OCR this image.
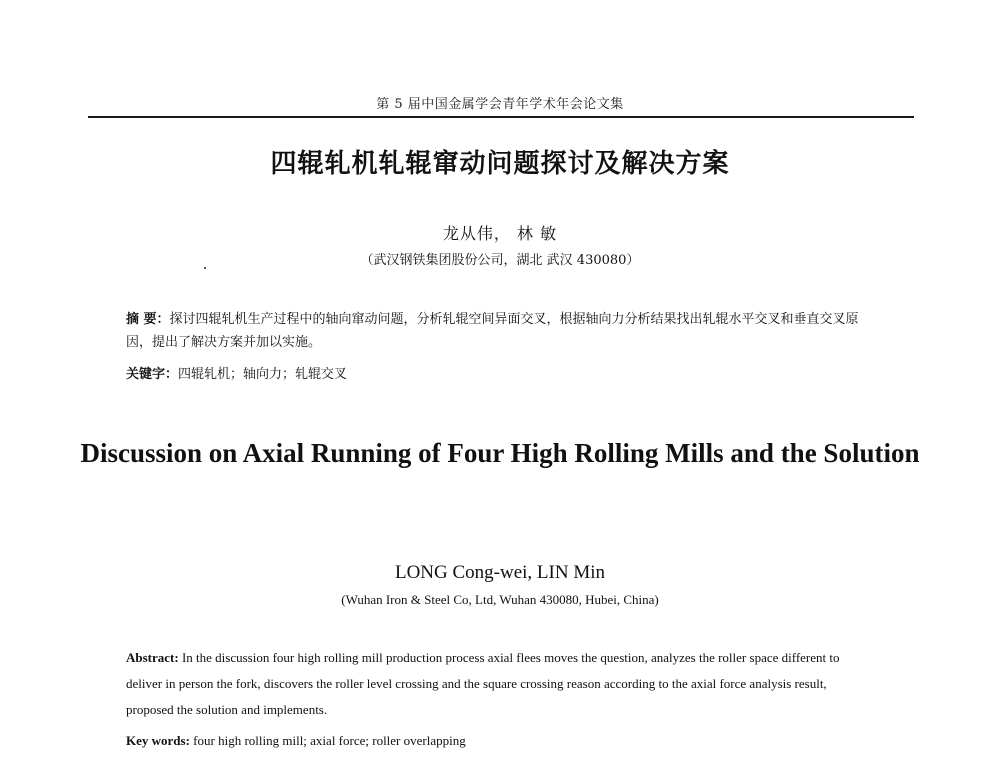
第 5 届中国金属学会青年学术年会论文集
四辊轧机轧辊窜动问题探讨及解决方案
龙从伟， 林 敏
（武汉钢铁集团股份公司，湖北 武汉 430080）
摘 要：探讨四辊轧机生产过程中的轴向窜动问题，分析轧辊空间异面交叉，根据轴向力分析结果找出轧辊水平交叉和垂直交叉原因，提出了解决方案并加以实施。
关键字：四辊轧机；轴向力；轧辊交叉
Discussion on Axial Running of Four High Rolling Mills and the Solution
LONG Cong-wei, LIN Min
(Wuhan Iron & Steel Co, Ltd, Wuhan 430080, Hubei, China)
Abstract: In the discussion four high rolling mill production process axial flees moves the question, analyzes the roller space different to deliver in person the fork, discovers the roller level crossing and the square crossing reason according to the axial force analysis result, proposed the solution and implements.
Key words: four high rolling mill; axial force; roller overlapping
